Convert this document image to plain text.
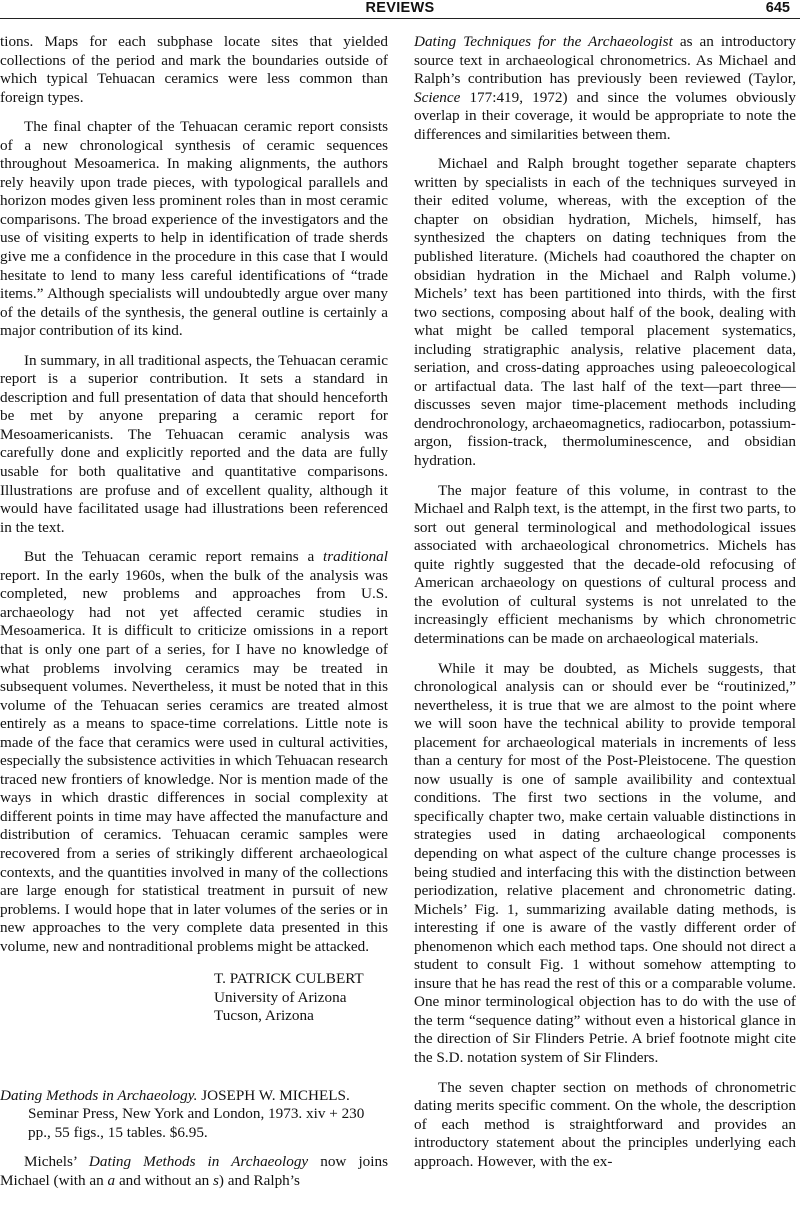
REVIEWS	645

tions. Maps for each subphase locate sites that yielded collections of the period and mark the boundaries outside of which typical Tehuacan ceramics were less common than foreign types.

The final chapter of the Tehuacan ceramic report consists of a new chronological synthesis of ceramic sequences throughout Mesoamerica. In making alignments, the authors rely heavily upon trade pieces, with typological parallels and horizon modes given less prominent roles than in most ceramic comparisons. The broad experience of the investigators and the use of visiting experts to help in identification of trade sherds give me a confidence in the procedure in this case that I would hesitate to lend to many less careful identifications of “trade items.” Although specialists will undoubtedly argue over many of the details of the synthesis, the general outline is certainly a major contribution of its kind.

In summary, in all traditional aspects, the Tehuacan ceramic report is a superior contribution. It sets a standard in description and full presentation of data that should henceforth be met by anyone preparing a ceramic report for Mesoamericanists. The Tehuacan ceramic analysis was carefully done and explicitly reported and the data are fully usable for both qualitative and quantitative comparisons. Illustrations are profuse and of excellent quality, although it would have facilitated usage had illustrations been referenced in the text.

But the Tehuacan ceramic report remains a traditional report. In the early 1960s, when the bulk of the analysis was completed, new problems and approaches from U.S. archaeology had not yet affected ceramic studies in Mesoamerica. It is difficult to criticize omissions in a report that is only one part of a series, for I have no knowledge of what problems involving ceramics may be treated in subsequent volumes. Nevertheless, it must be noted that in this volume of the Tehuacan series ceramics are treated almost entirely as a means to space-time correlations. Little note is made of the face that ceramics were used in cultural activities, especially the subsistence activities in which Tehuacan research traced new frontiers of knowledge. Nor is mention made of the ways in which drastic differences in social complexity at different points in time may have affected the manufacture and distribution of ceramics. Tehuacan ceramic samples were recovered from a series of strikingly different archaeological contexts, and the quantities involved in many of the collections are large enough for statistical treatment in pursuit of new problems. I would hope that in later volumes of the series or in new approaches to the very complete data presented in this volume, new and nontraditional problems might be attacked.

T. PATRICK CULBERT
University of Arizona
Tucson, Arizona

Dating Methods in Archaeology. JOSEPH W. MICHELS. Seminar Press, New York and London, 1973. xiv + 230 pp., 55 figs., 15 tables. $6.95.

Michels’ Dating Methods in Archaeology now joins Michael (with an a and without an s) and Ralph’s

Dating Techniques for the Archaeologist as an introductory source text in archaeological chronometrics. As Michael and Ralph’s contribution has previously been reviewed (Taylor, Science 177:419, 1972) and since the volumes obviously overlap in their coverage, it would be appropriate to note the differences and similarities between them.

Michael and Ralph brought together separate chapters written by specialists in each of the techniques surveyed in their edited volume, whereas, with the exception of the chapter on obsidian hydration, Michels, himself, has synthesized the chapters on dating techniques from the published literature. (Michels had coauthored the chapter on obsidian hydration in the Michael and Ralph volume.) Michels’ text has been partitioned into thirds, with the first two sections, composing about half of the book, dealing with what might be called temporal placement systematics, including stratigraphic analysis, relative placement data, seriation, and cross-dating approaches using paleoecological or artifactual data. The last half of the text—part three—discusses seven major time-placement methods including dendrochronology, archaeomagnetics, radiocarbon, potassium-argon, fission-track, thermoluminescence, and obsidian hydration.

The major feature of this volume, in contrast to the Michael and Ralph text, is the attempt, in the first two parts, to sort out general terminological and methodological issues associated with archaeological chronometrics. Michels has quite rightly suggested that the decade-old refocusing of American archaeology on questions of cultural process and the evolution of cultural systems is not unrelated to the increasingly efficient mechanisms by which chronometric determinations can be made on archaeological materials.

While it may be doubted, as Michels suggests, that chronological analysis can or should ever be “routinized,” nevertheless, it is true that we are almost to the point where we will soon have the technical ability to provide temporal placement for archaeological materials in increments of less than a century for most of the Post-Pleistocene. The question now usually is one of sample availibility and contextual conditions. The first two sections in the volume, and specifically chapter two, make certain valuable distinctions in strategies used in dating archaeological components depending on what aspect of the culture change processes is being studied and interfacing this with the distinction between periodization, relative placement and chronometric dating. Michels’ Fig. 1, summarizing available dating methods, is interesting if one is aware of the vastly different order of phenomenon which each method taps. One should not direct a student to consult Fig. 1 without somehow attempting to insure that he has read the rest of this or a comparable volume. One minor terminological objection has to do with the use of the term “sequence dating” without even a historical glance in the direction of Sir Flinders Petrie. A brief footnote might cite the S.D. notation system of Sir Flinders.

The seven chapter section on methods of chronometric dating merits specific comment. On the whole, the description of each method is straightforward and provides an introductory statement about the principles underlying each approach. However, with the ex-
